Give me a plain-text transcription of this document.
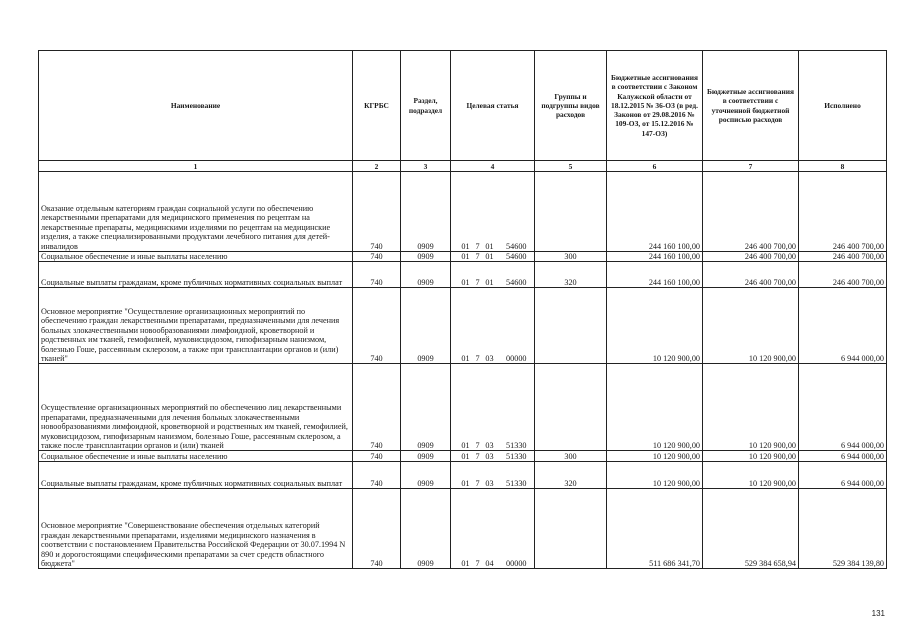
Наименование	КГРБС	Раздел, подраздел	Целевая статья	Группы и подгруппы видов расходов	Бюджетные ассигнования в соответствии с Законом Калужской области от 18.12.2015 № 36-ОЗ (в ред. Законов от 29.08.2016 № 109-ОЗ, от 15.12.2016 № 147-ОЗ)	Бюджетные ассигнования в соответствии с уточненной бюджетной росписью расходов	Исполнено
1	2	3	4	5	6	7	8
Оказание отдельным категориям граждан социальной услуги по обеспечению лекарственными препаратами для медицинского применения по рецептам на лекарственные препараты, медицинскими изделиями по рецептам на медицинские изделия, а также специализированными продуктами лечебного питания для детей-инвалидов	740	0909	01 7 01 54600		244 160 100,00	246 400 700,00	246 400 700,00
Социальное обеспечение и иные выплаты населению	740	0909	01 7 01 54600	300	244 160 100,00	246 400 700,00	246 400 700,00
Социальные выплаты гражданам, кроме публичных нормативных социальных выплат	740	0909	01 7 01 54600	320	244 160 100,00	246 400 700,00	246 400 700,00
Основное мероприятие "Осуществление организационных мероприятий по обеспечению граждан лекарственными препаратами, предназначенными для лечения больных злокачественными новообразованиями лимфоидной, кроветворной и родственных им тканей, гемофилией, муковисцидозом, гипофизарным нанизмом, болезнью Гоше, рассеянным склерозом, а также при трансплантации органов и (или) тканей"	740	0909	01 7 03 00000		10 120 900,00	10 120 900,00	6 944 000,00
Осуществление организационных мероприятий по обеспечению лиц лекарственными препаратами, предназначенными для лечения больных злокачественными новообразованиями лимфоидной, кроветворной и родственных им тканей, гемофилией, муковисцидозом, гипофизарным нанизмом, болезнью Гоше, рассеянным склерозом, а также после трансплантации органов и (или) тканей	740	0909	01 7 03 51330		10 120 900,00	10 120 900,00	6 944 000,00
Социальное обеспечение и иные выплаты населению	740	0909	01 7 03 51330	300	10 120 900,00	10 120 900,00	6 944 000,00
Социальные выплаты гражданам, кроме публичных нормативных социальных выплат	740	0909	01 7 03 51330	320	10 120 900,00	10 120 900,00	6 944 000,00
Основное мероприятие "Совершенствование обеспечения отдельных категорий граждан лекарственными препаратами, изделиями медицинского назначения в соответствии с постановлением Правительства Российской Федерации от 30.07.1994 N 890 и дорогостоящими специфическими препаратами за счет средств областного бюджета"	740	0909	01 7 04 00000		511 686 341,70	529 384 658,94	529 384 139,80
131
